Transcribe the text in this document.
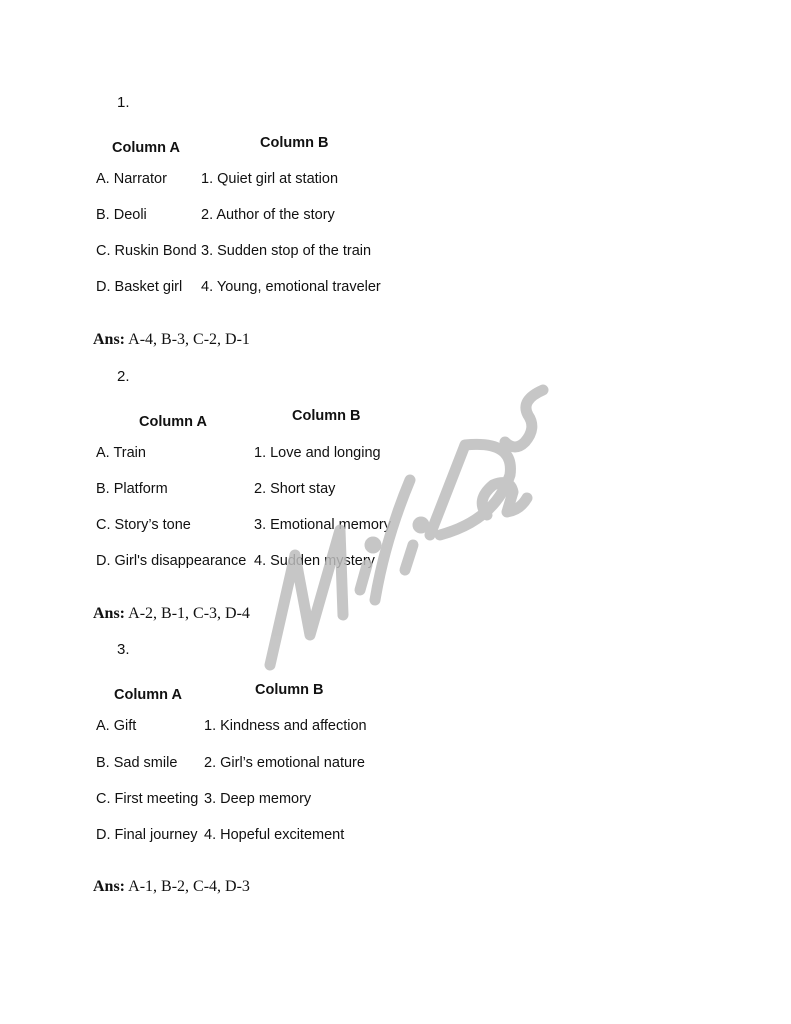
1.
Column A	Column B
A. Narrator 1. Quiet girl at station
B. Deoli	2. Author of the story
C. Ruskin Bond 3. Sudden stop of the train
D. Basket girl 4. Young, emotional traveler
Ans: A-4, B-3, C-2, D-1
2.
Column A	Column B
A. Train	1. Love and longing
B. Platform	2. Short stay
C. Story’s tone	3. Emotional memory
D. Girl's disappearance 4. Sudden mystery
Ans: A-2, B-1, C-3, D-4
3.
Column A	Column B
A. Gift	1. Kindness and affection
B. Sad smile 2. Girl’s emotional nature
C. First meeting 3. Deep memory
D. Final journey 4. Hopeful excitement
Ans: A-1, B-2, C-4, D-3
